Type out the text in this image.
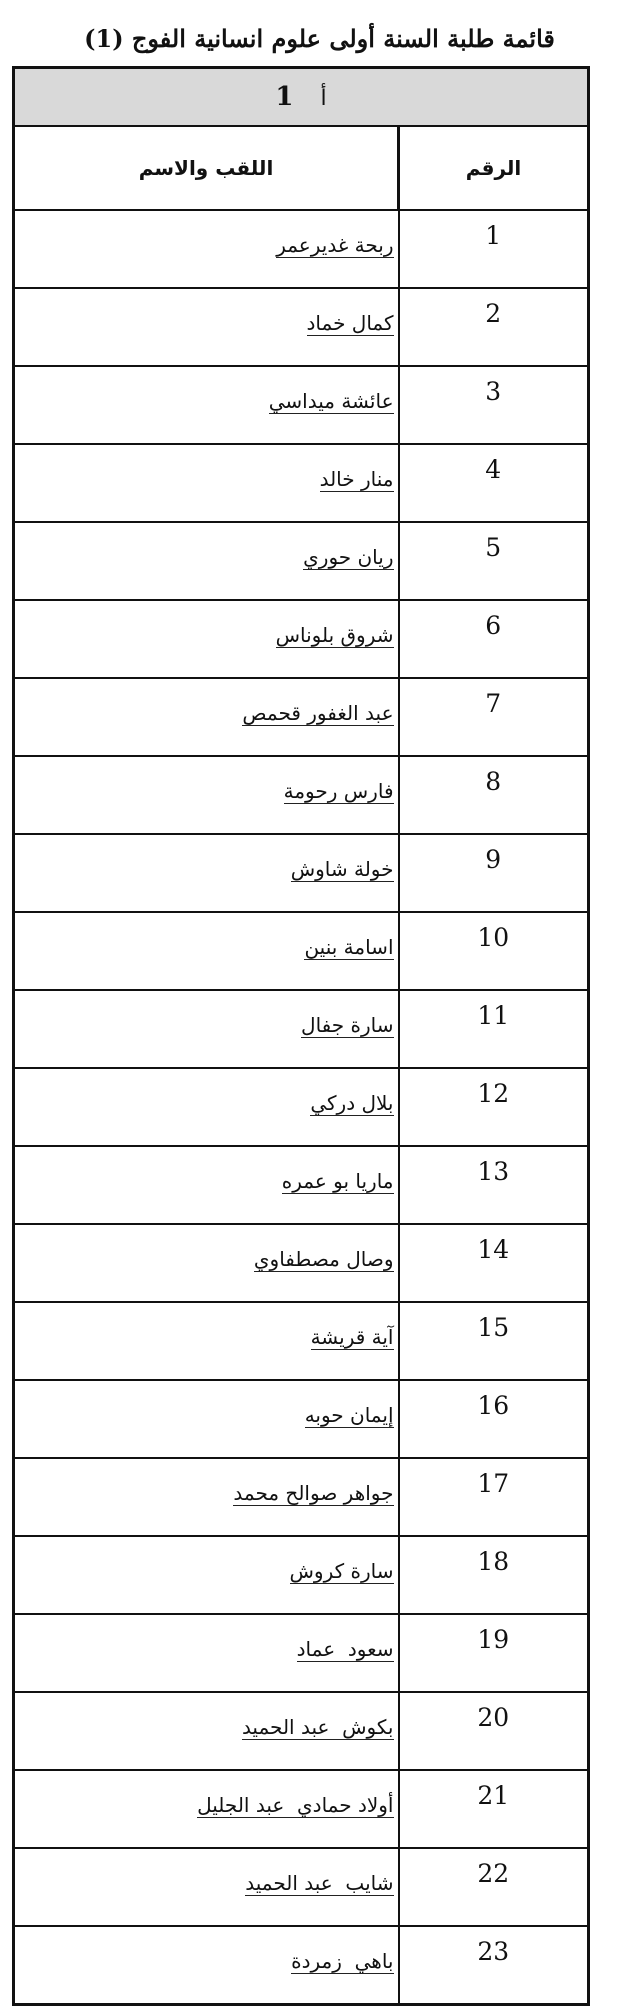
قائمة طلبة السنة أولى علوم انسانية الفوج (1)
أ 1	
الرقم	اللقب والاسم
1	ربحة غديرعمر
2	كمال خماد
3	عائشة ميداسي
4	منار خالد
5	ريان حوري
6	شروق بلوناس
7	عبد الغفور قحمص
8	فارس رحومة
9	خولة شاوش
10	اسامة بنين
11	سارة جفال
12	بلال دركي
13	ماريا بو عمره
14	وصال مصطفاوي
15	آية قريشة
16	إيمان حوبه
17	جواهر صوالح محمد
18	سارة كروش
19	سعود  عماد
20	بكوش  عبد الحميد
21	أولاد حمادي  عبد الجليل
22	شايب  عبد الحميد
23	باهي  زمردة
